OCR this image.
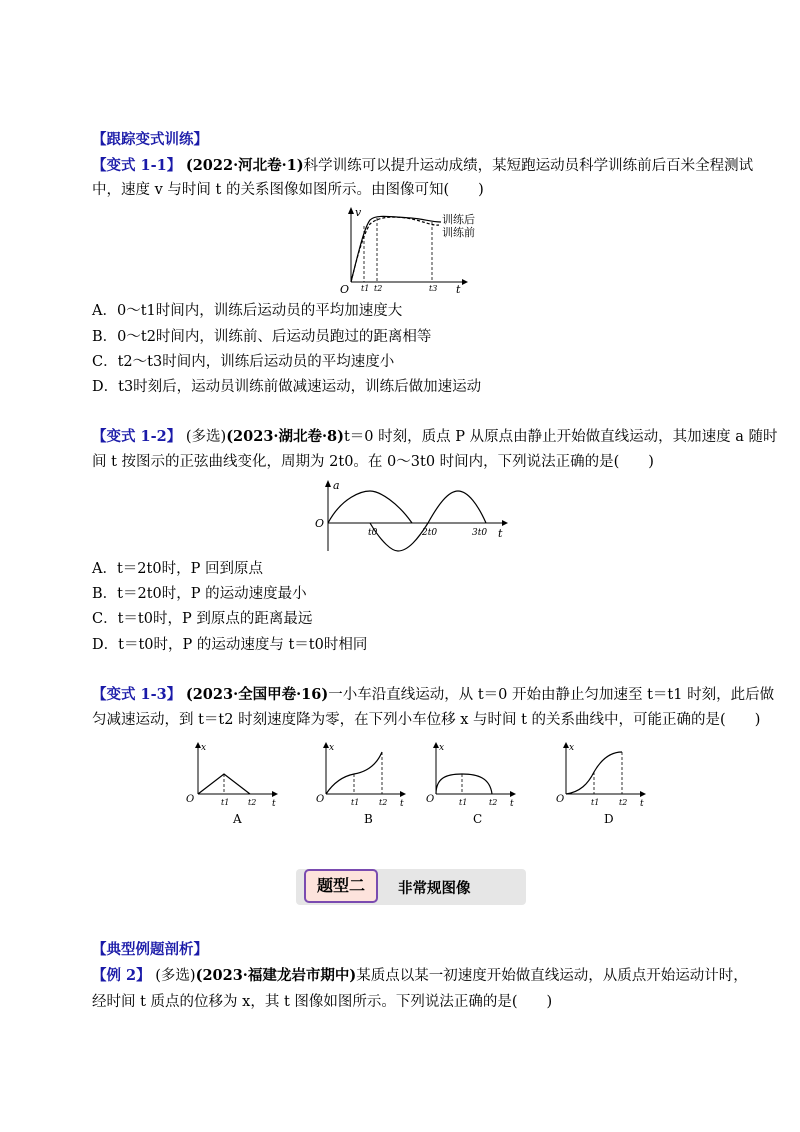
【跟踪变式训练】
【变式 1-1】 (2022·河北卷·1)科学训练可以提升运动成绩，某短跑运动员科学训练前后百米全程测试
中，速度 v 与时间 t 的关系图像如图所示。由图像可知(　　)
v
O	t
t1 t2	t3
训练后
训练前
A．0～t1时间内，训练后运动员的平均加速度大
B．0～t2时间内，训练前、后运动员跑过的距离相等
C．t2～t3时间内，训练后运动员的平均速度小
D．t3时刻后，运动员训练前做减速运动，训练后做加速运动
【变式 1-2】 (多选)(2023·湖北卷·8)t＝0 时刻，质点 P 从原点由静止开始做直线运动，其加速度 a 随时
间 t 按图示的正弦曲线变化，周期为 2t0。在 0～3t0 时间内，下列说法正确的是(　　)
a
O
t
t0	2t0	3t0
A．t＝2t0时，P 回到原点
B．t＝2t0时，P 的运动速度最小
C．t＝t0时，P 到原点的距离最远
D．t＝t0时，P 的运动速度与 t＝t0时相同
【变式 1-3】 (2023·全国甲卷·16)一小车沿直线运动，从 t＝0 开始由静止匀加速至 t＝t1 时刻，此后做
匀减速运动，到 t＝t2 时刻速度降为零，在下列小车位移 x 与时间 t 的关系曲线中，可能正确的是(　　)
x
O	t
t1 t2
A
x
O	t
t1 t2
B
x
O	t
t1	t2
C
x
O	t
t1 t2
D
题型二	非常规图像
【典型例题剖析】
【例 2】 (多选)(2023·福建龙岩市期中)某质点以某一初速度开始做直线运动，从质点开始运动计时，
经时间 t 质点的位移为 x，其 t 图像如图所示。下列说法正确的是(　　)
